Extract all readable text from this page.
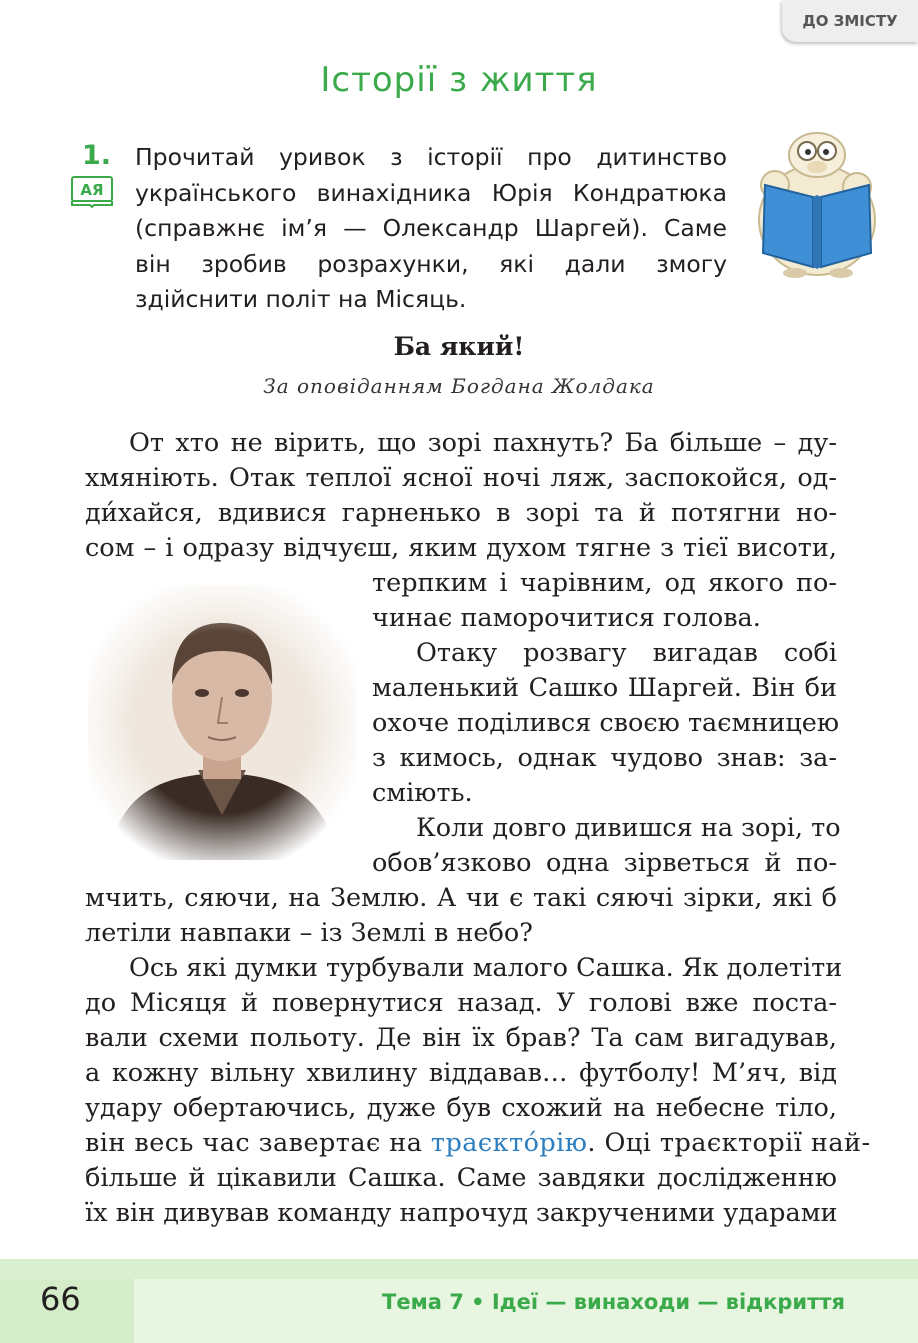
ДО ЗМІСТУ
Історії з життя
1.
АЯ
Прочитай уривок з історії про дитинство українського винахідника Юрія Кондратюка (справжнє ім’я — Олександр Шаргей). Саме він зробив розрахунки, які дали змогу здійснити політ на Місяць.
Ба який!
За оповіданням Богдана Жолдака
От хто не вірить, що зорі пахнуть? Ба більше – ду-
хмяніють. Отак теплої ясної ночі ляж, заспокойся, од-
ди́хайся, вдивися гарненько в зорі та й потягни но-
сом – і одразу відчуєш, яким духом тягне з тієї висоти,
терпким і чарівним, од якого по-
чинає паморочитися голова.
Отаку розвагу вигадав собі
маленький Сашко Шаргей. Він би
охоче поділився своєю таємницею
з кимось, однак чудово знав: за-
сміють.
Коли довго дивишся на зорі, то
обов’язково одна зірветься й по-
мчить, сяючи, на Землю. А чи є такі сяючі зірки, які б
летіли навпаки – із Землі в небо?
Ось які думки турбували малого Сашка. Як долетіти
до Місяця й повернутися назад. У голові вже поста-
вали схеми польоту. Де він їх брав? Та сам вигадував,
а кожну вільну хвилину віддавав… футболу! М’яч, від
удару обертаючись, дуже був схожий на небесне тіло,
він весь час завертає на траєкто́рію. Оці траєкторії най-
більше й цікавили Сашка. Саме завдяки дослідженню
їх він дивував команду напрочуд закрученими ударами
66	Тема 7 • Ідеї — винаходи — відкриття
